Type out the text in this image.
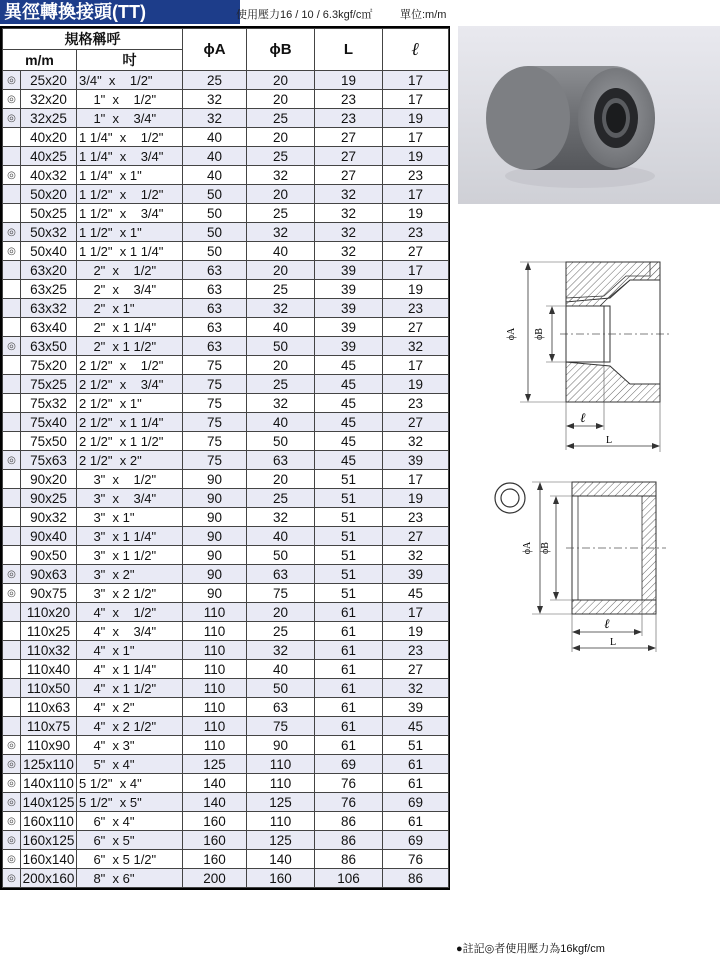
異徑轉換接頭(TT)	使用壓力16 / 10 / 6.3kgf/c㎡	單位:m/m
規格稱呼			ϕA	ϕB	L	ℓ
m/m		吋				
◎	25x20	3/4"  x    1/2"	25	20	19	17
◎	32x20	1"  x    1/2"	32	20	23	17
◎	32x25	1"  x    3/4"	32	25	23	19
	40x20	1 1/4"  x    1/2"	40	20	27	17
	40x25	1 1/4"  x    3/4"	40	25	27	19
◎	40x32	1 1/4"  x 1"	40	32	27	23
	50x20	1 1/2"  x    1/2"	50	20	32	17
	50x25	1 1/2"  x    3/4"	50	25	32	19
◎	50x32	1 1/2"  x 1"	50	32	32	23
◎	50x40	1 1/2"  x 1 1/4"	50	40	32	27
	63x20	2"  x    1/2"	63	20	39	17
	63x25	2"  x    3/4"	63	25	39	19
	63x32	2"  x 1"	63	32	39	23
	63x40	2"  x 1 1/4"	63	40	39	27
◎	63x50	2"  x 1 1/2"	63	50	39	32
	75x20	2 1/2"  x    1/2"	75	20	45	17
	75x25	2 1/2"  x    3/4"	75	25	45	19
	75x32	2 1/2"  x 1"	75	32	45	23
	75x40	2 1/2"  x 1 1/4"	75	40	45	27
	75x50	2 1/2"  x 1 1/2"	75	50	45	32
◎	75x63	2 1/2"  x 2"	75	63	45	39
	90x20	3"  x    1/2"	90	20	51	17
	90x25	3"  x    3/4"	90	25	51	19
	90x32	3"  x 1"	90	32	51	23
	90x40	3"  x 1 1/4"	90	40	51	27
	90x50	3"  x 1 1/2"	90	50	51	32
◎	90x63	3"  x 2"	90	63	51	39
◎	90x75	3"  x 2 1/2"	90	75	51	45
	110x20	4"  x    1/2"	110	20	61	17
	110x25	4"  x    3/4"	110	25	61	19
	110x32	4"  x 1"	110	32	61	23
	110x40	4"  x 1 1/4"	110	40	61	27
	110x50	4"  x 1 1/2"	110	50	61	32
	110x63	4"  x 2"	110	63	61	39
	110x75	4"  x 2 1/2"	110	75	61	45
◎	110x90	4"  x 3"	110	90	61	51
◎	125x110	5"  x 4"	125	110	69	61
◎	140x110	5 1/2"  x 4"	140	110	76	61
◎	140x125	5 1/2"  x 5"	140	125	76	69
◎	160x110	6"  x 4"	160	110	86	61
◎	160x125	6"  x 5"	160	125	86	69
◎	160x140	6"  x 5 1/2"	160	140	86	76
◎	200x160	8"  x 6"	200	160	106	86
ϕA ϕB
ℓ
L
ϕA ϕB
ℓ
L
●註記◎者使用壓力為16kgf/cm
